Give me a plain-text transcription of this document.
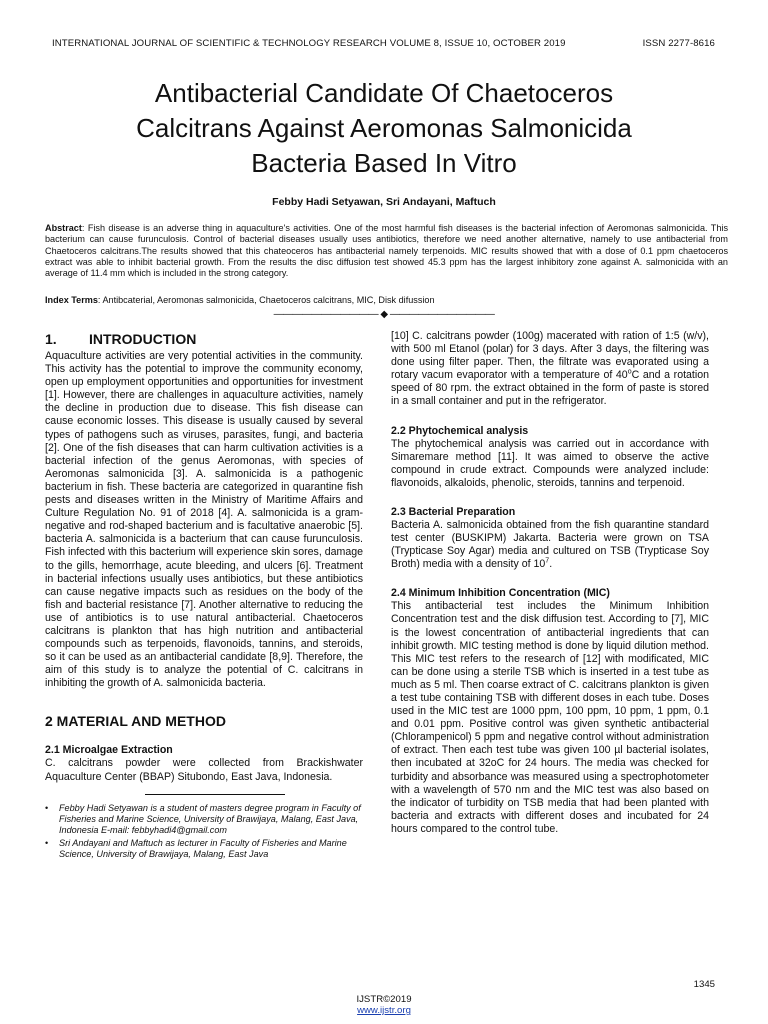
INTERNATIONAL JOURNAL OF SCIENTIFIC & TECHNOLOGY RESEARCH VOLUME 8, ISSUE 10, OCTOBER 2019	ISSN 2277-8616
Antibacterial Candidate Of Chaetoceros
Calcitrans Against Aeromonas Salmonicida
Bacteria Based In Vitro
Febby Hadi Setyawan, Sri Andayani, Maftuch

Abstract: Fish disease is an adverse thing in aquaculture's activities. One of the most harmful fish diseases is the bacterial infection of Aeromonas salmonicida. This bacterium can cause furunculosis. Control of bacterial diseases usually uses antibiotics, therefore we need another alternative, namely to use antibacterial from Chaetoceros calcitrans.The results showed that this chateoceros has antibacterial namely terpenoids. MIC results showed that with a dose of 0.1 ppm chaetoceros extract was able to inhibit bacterial growth. From the results the disc diffusion test showed 45.3 ppm has the largest inhibitory zone against A. salmonicida with an average of 11.4 mm which is included in the strong category.

Index Terms: Antibcaterial, Aeromonas salmonicida, Chaetoceros calcitrans, MIC, Disk difussion

——————————— ◆ ———————————
1. INTRODUCTION

Aquaculture activities are very potential activities in the community. This activity has the potential to improve the community economy, open up employment opportunities and opportunities for investment [1]. However, there are challenges in aquaculture activities, namely the decline in production due to disease. This fish disease can cause economic losses. This disease is usually caused by several types of pathogens such as viruses, parasites, fungi, and bacteria [2]. One of the fish diseases that can harm cultivation activities is a bacterial infection of the genus Aeromonas, with species of Aeromonas salmonicida [3]. A. salmonicida is a pathogenic bacterium in fish. These bacteria are categorized in quarantine fish pests and diseases written in the Ministry of Maritime Affairs and Culture Regulation No. 91 of 2018 [4]. A. salmonicida is a gram-negative and rod-shaped bacterium and is facultative anaerobic [5]. bacteria A. salmonicida is a bacterium that can cause furunculosis. Fish infected with this bacterium will experience skin sores, damage to the gills, hemorrhage, acute bleeding, and ulcers [6]. Treatment in bacterial infections usually uses antibiotics, but these antibiotics can cause negative impacts such as residues on the body of the fish and bacterial resistance [7]. Another alternative to reducing the use of antibiotics is to use natural antibacterial. Chaetoceros calcitrans is plankton that has high nutrition and antibacterial compounds such as terpenoids, flavonoids, tannins, and steroids, so it can be used as an antibacterial candidate [8,9]. Therefore, the aim of this study is to analyze the potential of C. calcitrans in inhibiting the growth of A. salmonicida bacteria.

2 MATERIAL AND METHOD
2.1 Microalgae Extraction

C. calcitrans powder were collected from Brackishwater Aquaculture Center (BBAP) Situbondo, East Java, Indonesia.

• Febby Hadi Setyawan is a student of masters degree program in Faculty of Fisheries and Marine Science, University of Brawijaya, Malang, East Java, Indonesia E-mail: febbyhadi4@gmail.com
• Sri Andayani and Maftuch as lecturer in Faculty of Fisheries and Marine Science, University of Brawijaya, Malang, East Java

[10] C. calcitrans powder (100g) macerated with ration of 1:5 (w/v), with 500 ml Etanol (polar) for 3 days. After 3 days, the filtering was done using filter paper. Then, the filtrate was evaporated using a rotary vacum evaporator with a temperature of 40$^o$C and a rotation speed of 80 rpm. the extract obtained in the form of paste is stored in a small container and put in the refrigerator.

2.2 Phytochemical analysis

The phytochemical analysis was carried out in accordance with Simaremare method [11]. It was aimed to observe the active compound in crude extract. Compounds were analyzed include: flavonoids, alkaloids, phenolic, steroids, tannins and terpenoid.

2.3 Bacterial Preparation

Bacteria A. salmonicida obtained from the fish quarantine standard test center (BUSKIPM) Jakarta. Bacteria were grown on TSA (Trypticase Soy Agar) media and cultured on TSB (Trypticase Soy Broth) media with a density of $10^7$.

2.4 Minimum Inhibition Concentration (MIC)

This antibacterial test includes the Minimum Inhibition Concentration test and the disk diffusion test. According to [7], MIC is the lowest concentration of antibacterial ingredients that can inhibit growth. MIC testing method is done by liquid dilution method. This MIC test refers to the research of [12] with modificated, MIC can be done using a sterile TSB which is inserted in a test tube as much as 5 ml. Then coarse extract of C. calcitrans plankton is given a test tube containing TSB with different doses in each tube. Doses used in the MIC test are 1000 ppm, 100 ppm, 10 ppm, 1 ppm, 0.1 and 0.01 ppm. Positive control was given synthetic antibacterial (Chlorampenicol) 5 ppm and negative control without administration of extract. Then each test tube was given 100 µl bacterial isolates, then incubated at 32oC for 24 hours. The media was checked for turbidity and absorbance was measured using a spectrophotometer with a wavelength of 570 nm and the MIC test was also based on the indicator of turbidity on TSB media that had been planted with bacteria and extracts with different doses and incubated for 24 hours compared to the control tube.

1345
IJSTR©2019
www.ijstr.org
